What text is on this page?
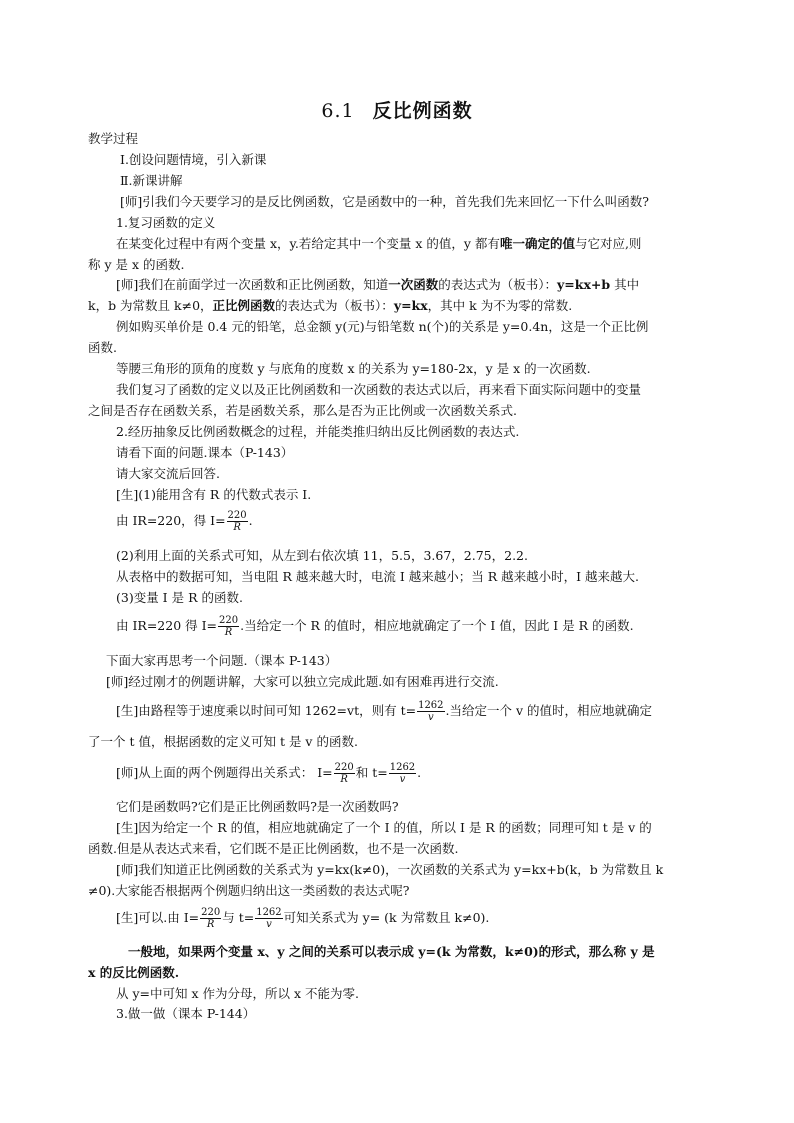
6.1 反比例函数
教学过程
Ⅰ.创设问题情境，引入新课
Ⅱ.新课讲解
[师]引我们今天要学习的是反比例函数，它是函数中的一种，首先我们先来回忆一下什么叫函数?
1.复习函数的定义
在某变化过程中有两个变量 x，y.若给定其中一个变量 x 的值，y 都有唯一确定的值与它对应,则
称 y 是 x 的函数.
[师]我们在前面学过一次函数和正比例函数，知道一次函数的表达式为（板书）：y=kx+b 其中
k，b 为常数且 k≠0，正比例函数的表达式为（板书）：y=kx，其中 k 为不为零的常数.
例如购买单价是 0.4 元的铅笔，总金额 y(元)与铅笔数 n(个)的关系是 y=0.4n，这是一个正比例
函数.
等腰三角形的顶角的度数 y 与底角的度数 x 的关系为 y=180-2x，y 是 x 的一次函数.
我们复习了函数的定义以及正比例函数和一次函数的表达式以后，再来看下面实际问题中的变量
之间是否存在函数关系，若是函数关系，那么是否为正比例或一次函数关系式.
2.经历抽象反比例函数概念的过程，并能类推归纳出反比例函数的表达式.
请看下面的问题.课本（P-143）
请大家交流后回答.
[生](1)能用含有 R 的代数式表示 I.
由 IR=220，得 $I= \frac{220}{R}$ .
(2)利用上面的关系式可知，从左到右依次填 11，5.5，3.67，2.75，2.2.
从表格中的数据可知，当电阻 R 越来越大时，电流 I 越来越小；当 R 越来越小时，I 越来越大.
(3)变量 I 是 R 的函数.
由 IR=220 得 $I= \frac{220}{R}$ .当给定一个 R 的值时，相应地就确定了一个 I 值，因此 I 是 R 的函数.
下面大家再思考一个问题.（课本 P-143）
[师]经过刚才的例题讲解，大家可以独立完成此题.如有困难再进行交流.
[生]由路程等于速度乘以时间可知 1262=vt，则有 $t= \frac{1262}{v}$ .当给定一个 v 的值时，相应地就确定
了一个 t 值，根据函数的定义可知 t 是 v 的函数.
[师]从上面的两个例题得出关系式： $I= \frac{220}{R}$ 和 $t= \frac{1262}{v}$ .
它们是函数吗?它们是正比例函数吗?是一次函数吗?
[生]因为给定一个 R 的值，相应地就确定了一个 I 的值，所以 I 是 R 的函数；同理可知 t 是 v 的
函数.但是从表达式来看，它们既不是正比例函数，也不是一次函数.
[师]我们知道正比例函数的关系式为 y=kx(k≠0)，一次函数的关系式为 y=kx+b(k，b 为常数且 k
≠0).大家能否根据两个例题归纳出这一类函数的表达式呢?
[生]可以.由 $I= \frac{220}{R}$ 与 $t= \frac{1262}{v}$ 可知关系式为 y= (k 为常数且 k≠0).
一般地，如果两个变量 x、y 之间的关系可以表示成 y=(k 为常数，k≠0)的形式，那么称 y 是
x 的反比例函数.
从 y=中可知 x 作为分母，所以 x 不能为零.
3.做一做（课本 P-144）
